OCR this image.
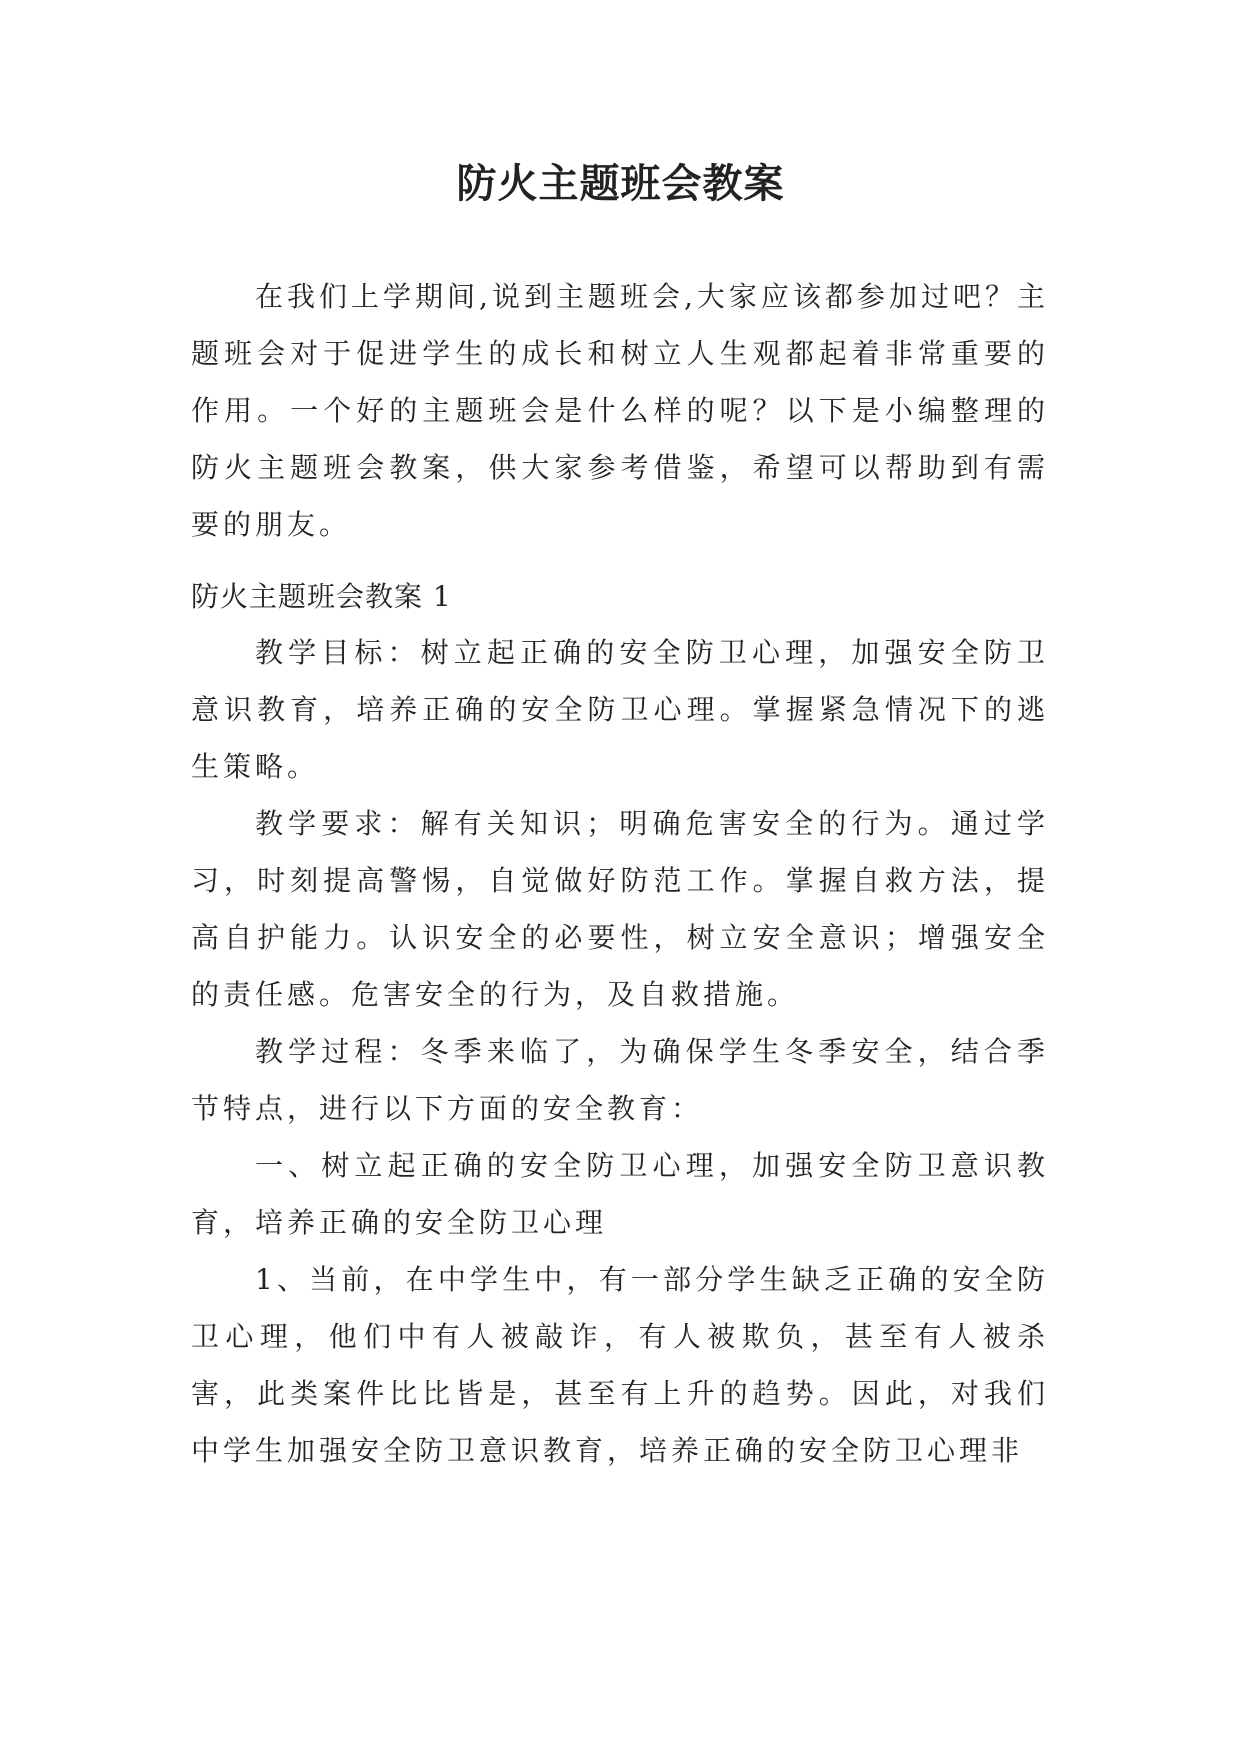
防火主题班会教案

在我们上学期间,说到主题班会,大家应该都参加过吧？主题班会对于促进学生的成长和树立人生观都起着非常重要的作用。一个好的主题班会是什么样的呢？以下是小编整理的防火主题班会教案，供大家参考借鉴，希望可以帮助到有需要的朋友。

防火主题班会教案 1

教学目标：树立起正确的安全防卫心理，加强安全防卫意识教育，培养正确的安全防卫心理。掌握紧急情况下的逃生策略。

教学要求：解有关知识；明确危害安全的行为。通过学习，时刻提高警惕，自觉做好防范工作。掌握自救方法，提高自护能力。认识安全的必要性，树立安全意识；增强安全的责任感。危害安全的行为，及自救措施。

教学过程：冬季来临了，为确保学生冬季安全，结合季节特点，进行以下方面的安全教育：

一、树立起正确的安全防卫心理，加强安全防卫意识教育，培养正确的安全防卫心理

1、当前，在中学生中，有一部分学生缺乏正确的安全防卫心理，他们中有人被敲诈，有人被欺负，甚至有人被杀害，此类案件比比皆是，甚至有上升的趋势。因此，对我们中学生加强安全防卫意识教育，培养正确的安全防卫心理非
